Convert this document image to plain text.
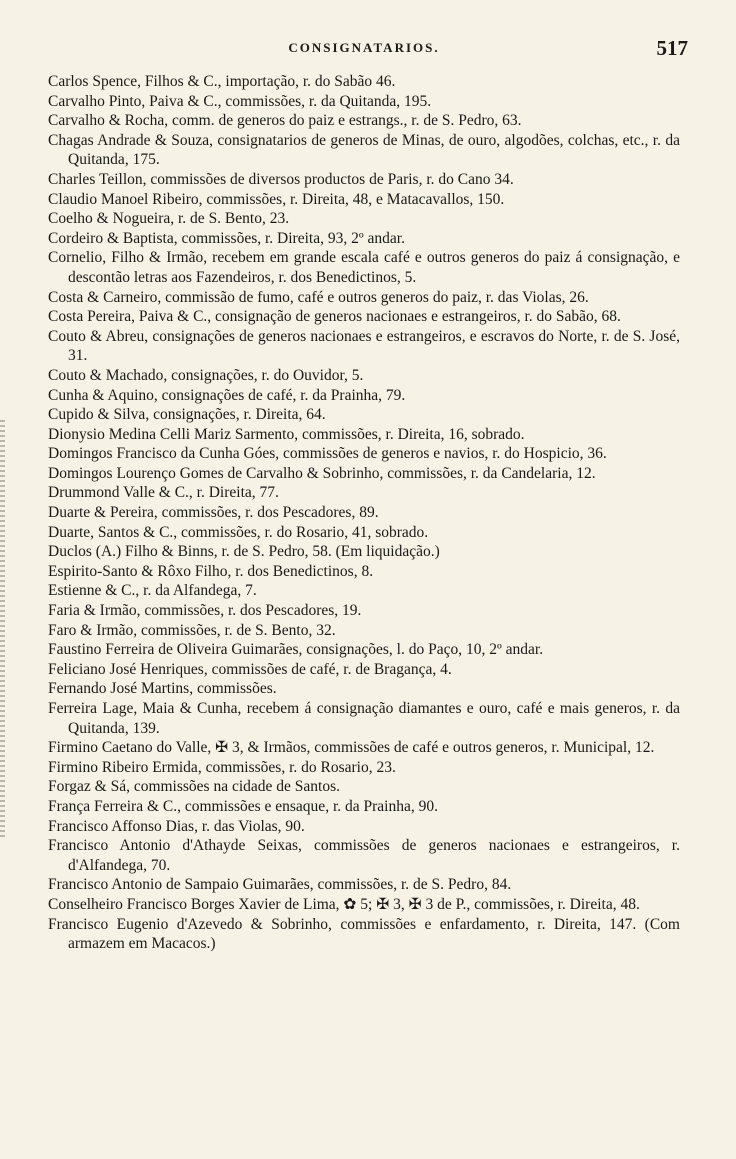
CONSIGNATARIOS.	517

Carlos Spence, Filhos & C., importação, r. do Sabão 46.

Carvalho Pinto, Paiva & C., commissões, r. da Quitanda, 195.

Carvalho & Rocha, comm. de generos do paiz e estrangs., r. de S. Pedro, 63.

Chagas Andrade & Souza, consignatarios de generos de Minas, de ouro, algodões, colchas, etc., r. da Quitanda, 175.

Charles Teillon, commissões de diversos productos de Paris, r. do Cano 34.

Claudio Manoel Ribeiro, commissões, r. Direita, 48, e Matacavallos, 150.

Coelho & Nogueira, r. de S. Bento, 23.

Cordeiro & Baptista, commissões, r. Direita, 93, 2º andar.

Cornelio, Filho & Irmão, recebem em grande escala café e outros generos do paiz á consignação, e descontão letras aos Fazendeiros, r. dos Benedictinos, 5.

Costa & Carneiro, commissão de fumo, café e outros generos do paiz, r. das Violas, 26.

Costa Pereira, Paiva & C., consignação de generos nacionaes e estrangeiros, r. do Sabão, 68.

Couto & Abreu, consignações de generos nacionaes e estrangeiros, e escravos do Norte, r. de S. José, 31.

Couto & Machado, consignações, r. do Ouvidor, 5.

Cunha & Aquino, consignações de café, r. da Prainha, 79.

Cupido & Silva, consignações, r. Direita, 64.

Dionysio Medina Celli Mariz Sarmento, commissões, r. Direita, 16, sobrado.

Domingos Francisco da Cunha Góes, commissões de generos e navios, r. do Hospicio, 36.

Domingos Lourenço Gomes de Carvalho & Sobrinho, commissões, r. da Candelaria, 12.

Drummond Valle & C., r. Direita, 77.

Duarte & Pereira, commissões, r. dos Pescadores, 89.

Duarte, Santos & C., commissões, r. do Rosario, 41, sobrado.

Duclos (A.) Filho & Binns, r. de S. Pedro, 58. (Em liquidação.)

Espirito-Santo & Rôxo Filho, r. dos Benedictinos, 8.

Estienne & C., r. da Alfandega, 7.

Faria & Irmão, commissões, r. dos Pescadores, 19.

Faro & Irmão, commissões, r. de S. Bento, 32.

Faustino Ferreira de Oliveira Guimarães, consignações, l. do Paço, 10, 2º andar.

Feliciano José Henriques, commissões de café, r. de Bragança, 4.

Fernando José Martins, commissões.

Ferreira Lage, Maia & Cunha, recebem á consignação diamantes e ouro, café e mais generos, r. da Quitanda, 139.

Firmino Caetano do Valle, ✠ 3, & Irmãos, commissões de café e outros generos, r. Municipal, 12.

Firmino Ribeiro Ermida, commissões, r. do Rosario, 23.

Forgaz & Sá, commissões na cidade de Santos.

França Ferreira & C., commissões e ensaque, r. da Prainha, 90.

Francisco Affonso Dias, r. das Violas, 90.

Francisco Antonio d'Athayde Seixas, commissões de generos nacionaes e estrangeiros, r. d'Alfandega, 70.

Francisco Antonio de Sampaio Guimarães, commissões, r. de S. Pedro, 84.

Conselheiro Francisco Borges Xavier de Lima, ✿ 5; ✠ 3, ✠ 3 de P., commissões, r. Direita, 48.

Francisco Eugenio d'Azevedo & Sobrinho, commissões e enfardamento, r. Direita, 147. (Com armazem em Macacos.)
